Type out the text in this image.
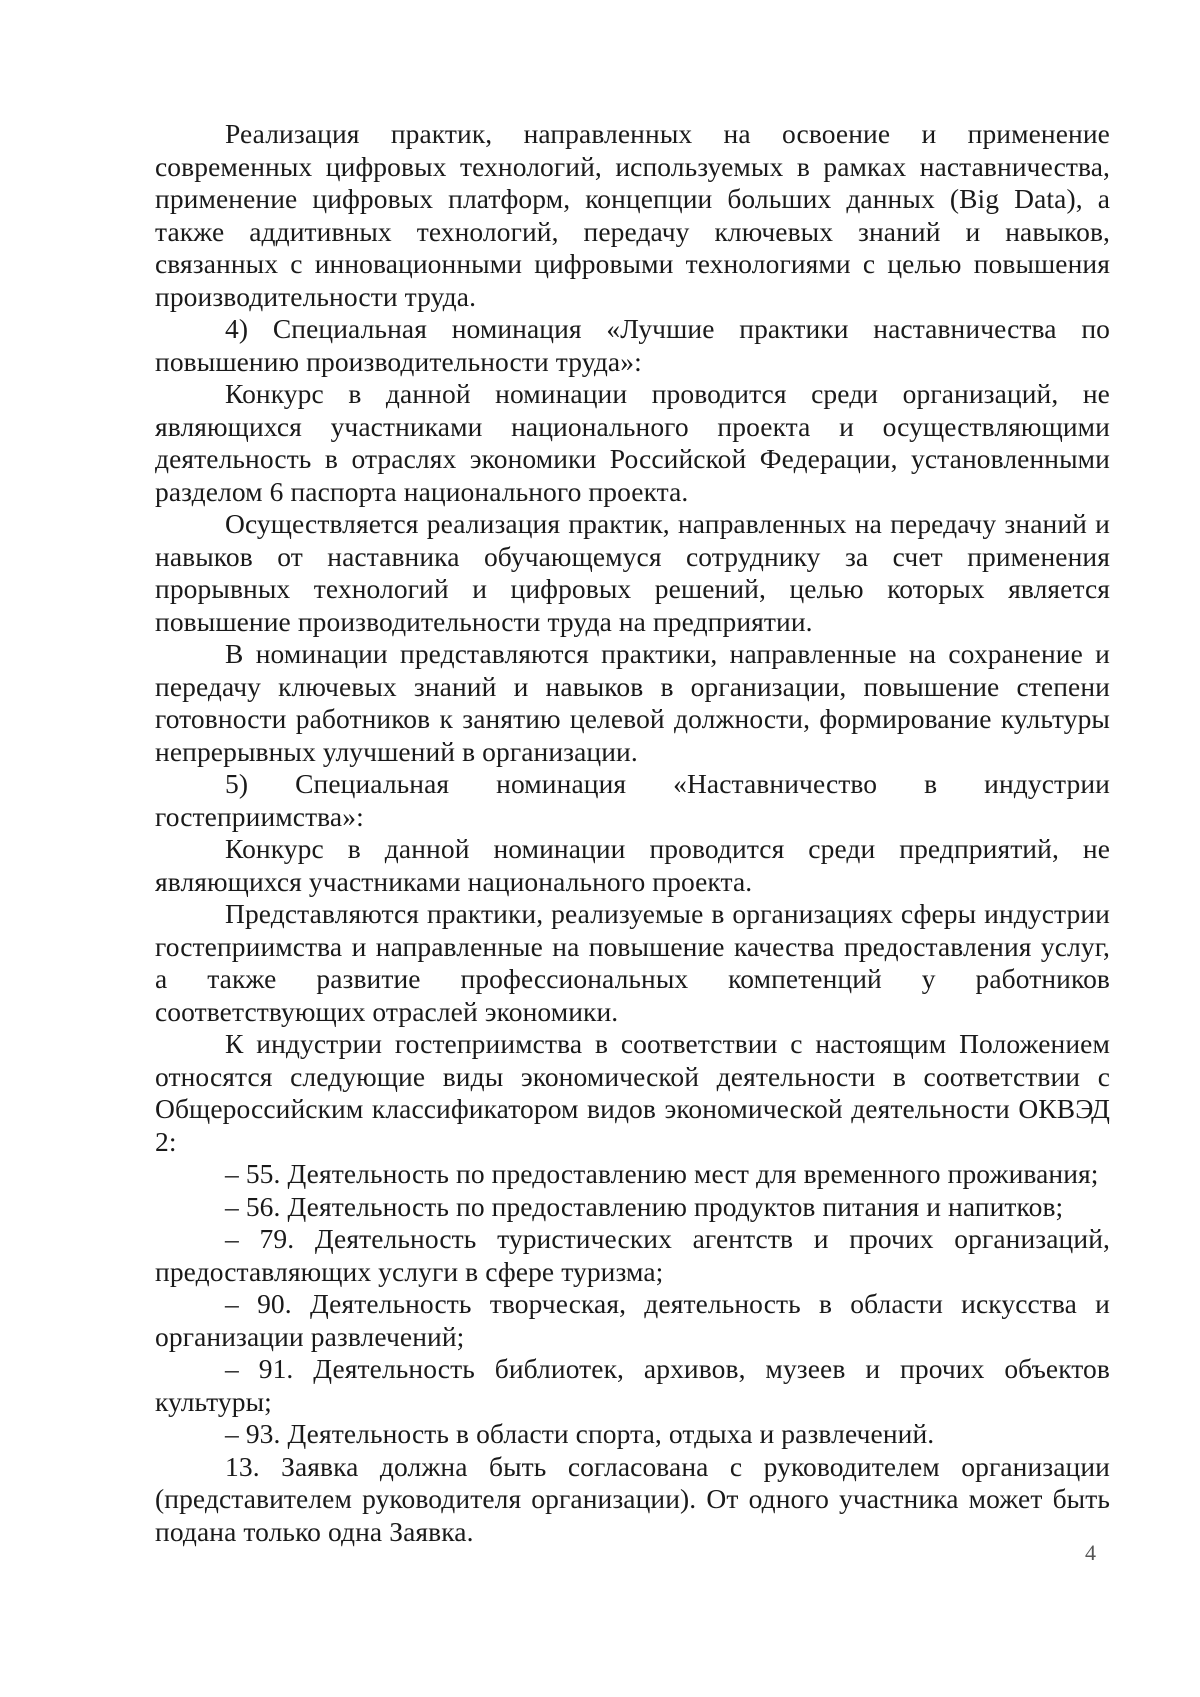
Реализация практик, направленных на освоение и применение современных цифровых технологий, используемых в рамках наставничества, применение цифровых платформ, концепции больших данных (Big Data), а также аддитивных технологий, передачу ключевых знаний и навыков, связанных с инновационными цифровыми технологиями с целью повышения производительности труда.

4) Специальная номинация «Лучшие практики наставничества по повышению производительности труда»:

Конкурс в данной номинации проводится среди организаций, не являющихся участниками национального проекта и осуществляющими деятельность в отраслях экономики Российской Федерации, установленными разделом 6 паспорта национального проекта.

Осуществляется реализация практик, направленных на передачу знаний и навыков от наставника обучающемуся сотруднику за счет применения прорывных технологий и цифровых решений, целью которых является повышение производительности труда на предприятии.

В номинации представляются практики, направленные на сохранение и передачу ключевых знаний и навыков в организации, повышение степени готовности работников к занятию целевой должности, формирование культуры непрерывных улучшений в организации.

5) Специальная номинация «Наставничество в индустрии гостеприимства»:

Конкурс в данной номинации проводится среди предприятий, не являющихся участниками национального проекта.

Представляются практики, реализуемые в организациях сферы индустрии гостеприимства и направленные на повышение качества предоставления услуг, а также развитие профессиональных компетенций у работников соответствующих отраслей экономики.

К индустрии гостеприимства в соответствии с настоящим Положением относятся следующие виды экономической деятельности в соответствии с Общероссийским классификатором видов экономической деятельности ОКВЭД 2:

– 55. Деятельность по предоставлению мест для временного проживания;

– 56. Деятельность по предоставлению продуктов питания и напитков;

– 79. Деятельность туристических агентств и прочих организаций, предоставляющих услуги в сфере туризма;

– 90. Деятельность творческая, деятельность в области искусства и организации развлечений;

– 91. Деятельность библиотек, архивов, музеев и прочих объектов культуры;

– 93. Деятельность в области спорта, отдыха и развлечений.

13. Заявка должна быть согласована с руководителем организации (представителем руководителя организации). От одного участника может быть подана только одна Заявка.

4
